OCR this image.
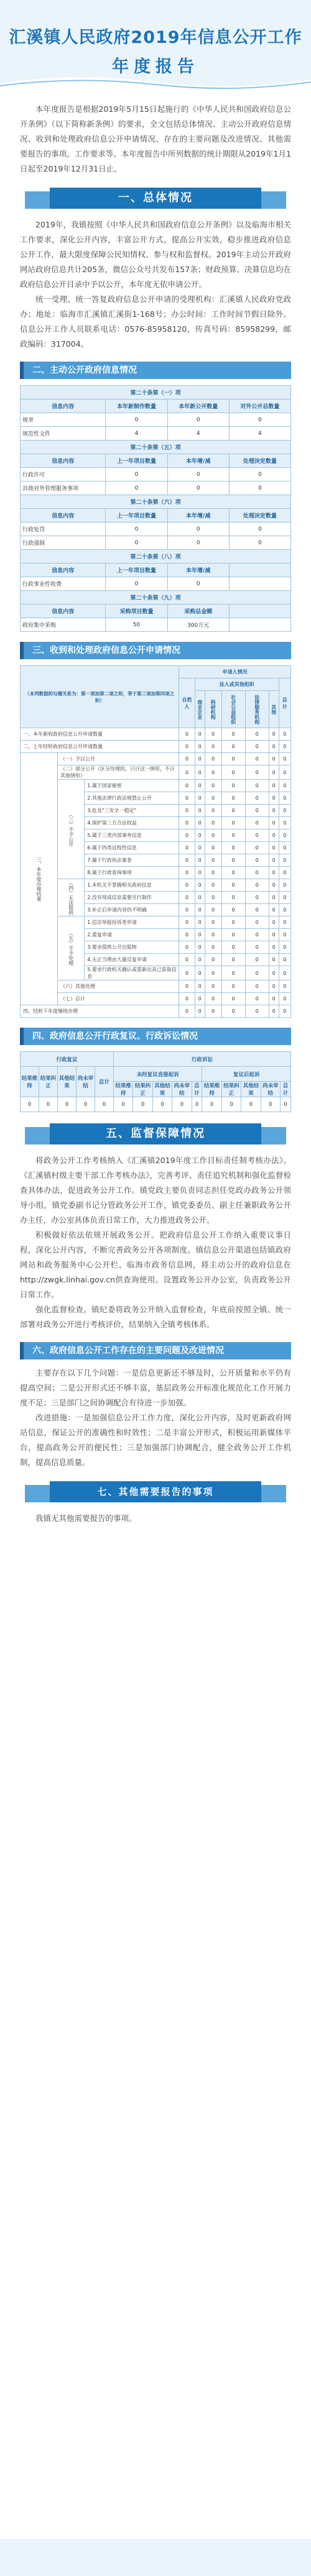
汇溪镇人民政府2019年信息公开工作
年度报告

本年度报告是根据2019年5月15日起施行的《中华人民共和国政府信息公开条例》（以下简称新条例）的要求，全文包括总体情况、主动公开政府信息情况、收到和处理政府信息公开申请情况、存在的主要问题及改进情况、其他需要报告的事项。工作要求等。本年度报告中所列数据的统计期限从2019年1月1日起至2019年12月31日止。

一、总体情况

2019年，我镇按照《中华人民共和国政府信息公开条例》以及临海市相关工作要求，深化公开内容，丰富公开方式，提高公开实效，稳步推进政府信息公开工作，最大限度保障公民知情权、参与权和监督权。2019年主动公开政府网站政府信息共计205条，微信公众号共发布157条；财政预算、决算信息均在政府信息公开目录中予以公开，本年度无依申请公开。

统一受理、统一答复政府信息公开申请的受理机构：汇溪镇人民政府党政办；地址：临海市汇溪镇汇溪街1-168号；办公时间：工作时间节假日除外。信息公开工作人员联系电话：0576-85958120，传真号码：85958299，邮政编码：317004。

二、主动公开政府信息情况
第二十条第（一）项			
信息内容	本年新制作数量	本年新公开数量	对外公开总数量
规章	0	0	0
规范性文件	4	4	4
第二十条第（五）项			
信息内容	上一年项目数量	本年增/减	处理决定数量
行政许可	0	0	0
其他对外管理服务事项	0	0	0
第二十条第（六）项			
信息内容	上一年项目数量	本年增/减	处理决定数量
行政处罚	0	0	0
行政强制	0	0	0
第二十条第（八）项			
信息内容	上一年项目数量	本年增/减	
行政事业性收费	0	0	
第二十条第（九）项			
信息内容	采购项目数量	采购总金额	
政府集中采购	50	300万元	
三、收到和处理政府信息公开申请情况
（本列数据的勾稽关系为：第一项加第二项之和，等于第三项加第四项之和）			申请人情况						
			自然人	法人或其他组织					总计
				商业企业	科研机构	社会公益组织	法律服务机构	其他	
一、本年新收政府信息公开申请数量			0	0	0	0	0	0	0
二、上年结转政府信息公开申请数量			0	0	0	0	0	0	0
三、本年度办理结果	（一）予以公开		0	0	0	0	0	0	0
	（二）部分公开（区分处理的，只计这一情形，不计其他情形）		0	0	0	0	0	0	0
	（三）不予公开	1.属于国家秘密	0	0	0	0	0	0	0
		2.其他法律行政法规禁止公开	0	0	0	0	0	0	0
		3.危及"三安全一稳定"	0	0	0	0	0	0	0
		4.保护第三方合法权益	0	0	0	0	0	0	0
		5.属于三类内部事务信息	0	0	0	0	0	0	0
		6.属于四类过程性信息	0	0	0	0	0	0	0
		7.属于行政执法案卷	0	0	0	0	0	0	0
		8.属于行政查询事项	0	0	0	0	0	0	0
	（四）无法提供	1.本机关不掌握相关政府信息	0	0	0	0	0	0	0
		2.没有现成信息需要另行制作	0	0	0	0	0	0	0
		3.补正后申请内容仍不明确	0	0	0	0	0	0	0
	（五）不予处理	1.信访举报投诉类申请	0	0	0	0	0	0	0
		2.重复申请	0	0	0	0	0	0	0
		3.要求提供公开出版物	0	0	0	0	0	0	0
		4.无正当理由大量反复申请	0	0	0	0	0	0	0
		5.要求行政机关确认或重新出具已获取信息	0	0	0	0	0	0	0
	（六）其他处理		0	0	0	0	0	0	0
	（七）总计		0	0	0	0	0	0	0
四、结转下年度继续办理			0	0	0	0	0	0	0
四、政府信息公开行政复议、行政诉讼情况
行政复议					行政诉讼									
结果维持	结果纠正	其他结果	尚未审结	总计	未经复议直接起诉					复议后起诉				
					结果维持	结果纠正	其他结果	尚未审结	总计	结果维持	结果纠正	其他结果	尚未审结	总计
0	0	0	0	0	0	0	0	0	0	0	0	0	0	0
五、监督保障情况

将政务公开工作考核纳入《汇溪镇2019年度工作目标责任制考核办法》。《汇溪镇村级主要干部工作考核办法》，完善考评、责任追究机制和强化监督检查具体办法，促进政务公开工作。镇党政主要负责同志担任党政办政务公开领导小组，镇党委副书记分管政务公开工作，镇党委委员、副主任兼职政务公开办主任，办公室具体负责日常工作，大力推进政务公开。

积极做好依法依规开展政务公开。把政府信息公开工作纳入重要议事日程，深化公开内容，不断完善政务公开各项制度。镇信息公开渠道包括镇政府网站和政务服务中心公开栏、临海市政务信息网，将主动公开的政府信息在http://zwgk.linhai.gov.cn供查询使用。设置政务公开办公室，负责政务公开日常工作。

强化监督检查。镇纪委将政务公开纳入监督检查，年底前按照全镇、统一部署对政务公开进行考核评价，结果纳入全镇考核体系。

六、政府信息公开工作存在的主要问题及改进情况

主要存在以下几个问题：一是信息更新还不够及时，公开质量和水平仍有提高空间；二是公开形式还不够丰富，基层政务公开标准化规范化工作开展力度不足；三是部门之间协调配合有待进一步加强。

改进措施：一是加强信息公开工作力度，深化公开内容，及时更新政府网站信息，保证公开的准确性和时效性；二是丰富公开形式，积极运用新媒体平台，提高政务公开的便民性；三是加强部门协调配合，健全政务公开工作机制，提高信息质量。

七、其他需要报告的事项

我镇无其他需要报告的事项。
